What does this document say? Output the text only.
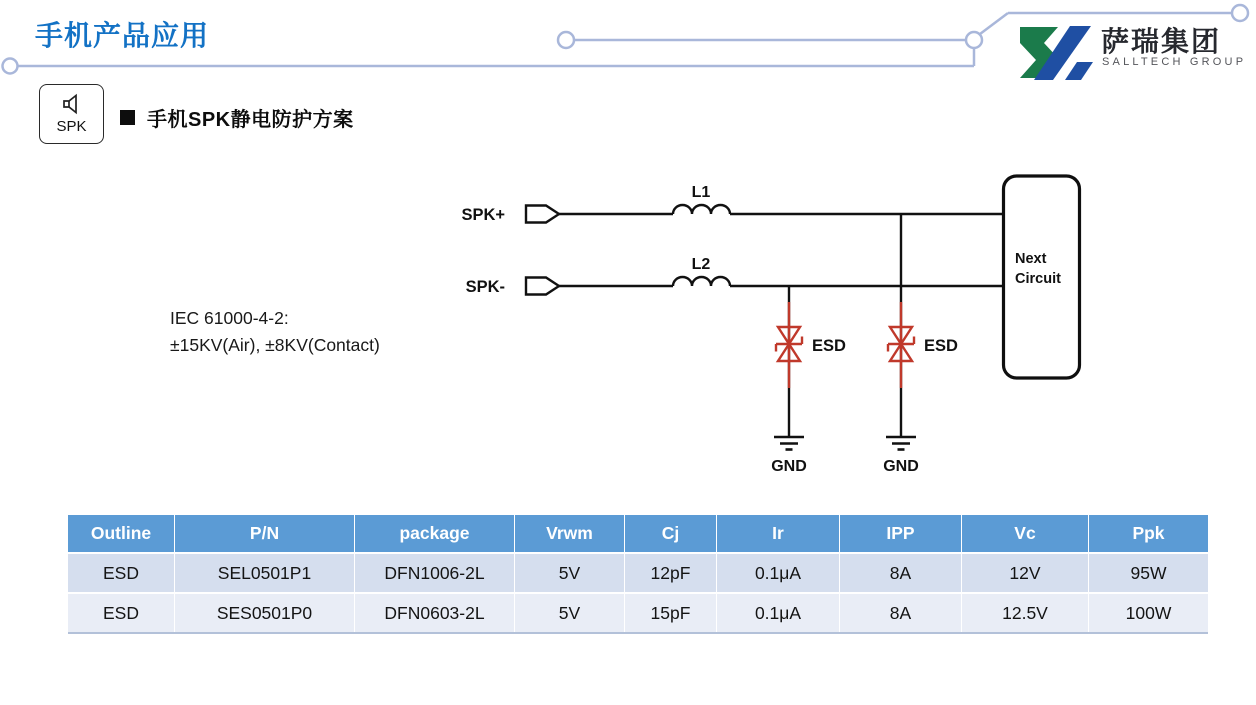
手机产品应用	萨瑞集团
SALLTECH GROUP
SPK	手机SPK静电防护方案
SPK+
L1
SPK-
L2
ESD	ESD
GND	GND
Next
Circuit
IEC 61000-4-2:
±15KV(Air), ±8KV(Contact)
Outline	P/N	package	Vrwm	Cj	Ir	IPP	Vc	Ppk
ESD	SEL0501P1	DFN1006-2L	5V	12pF	0.1μA	8A	12V	95W
ESD	SES0501P0	DFN0603-2L	5V	15pF	0.1μA	8A	12.5V	100W
